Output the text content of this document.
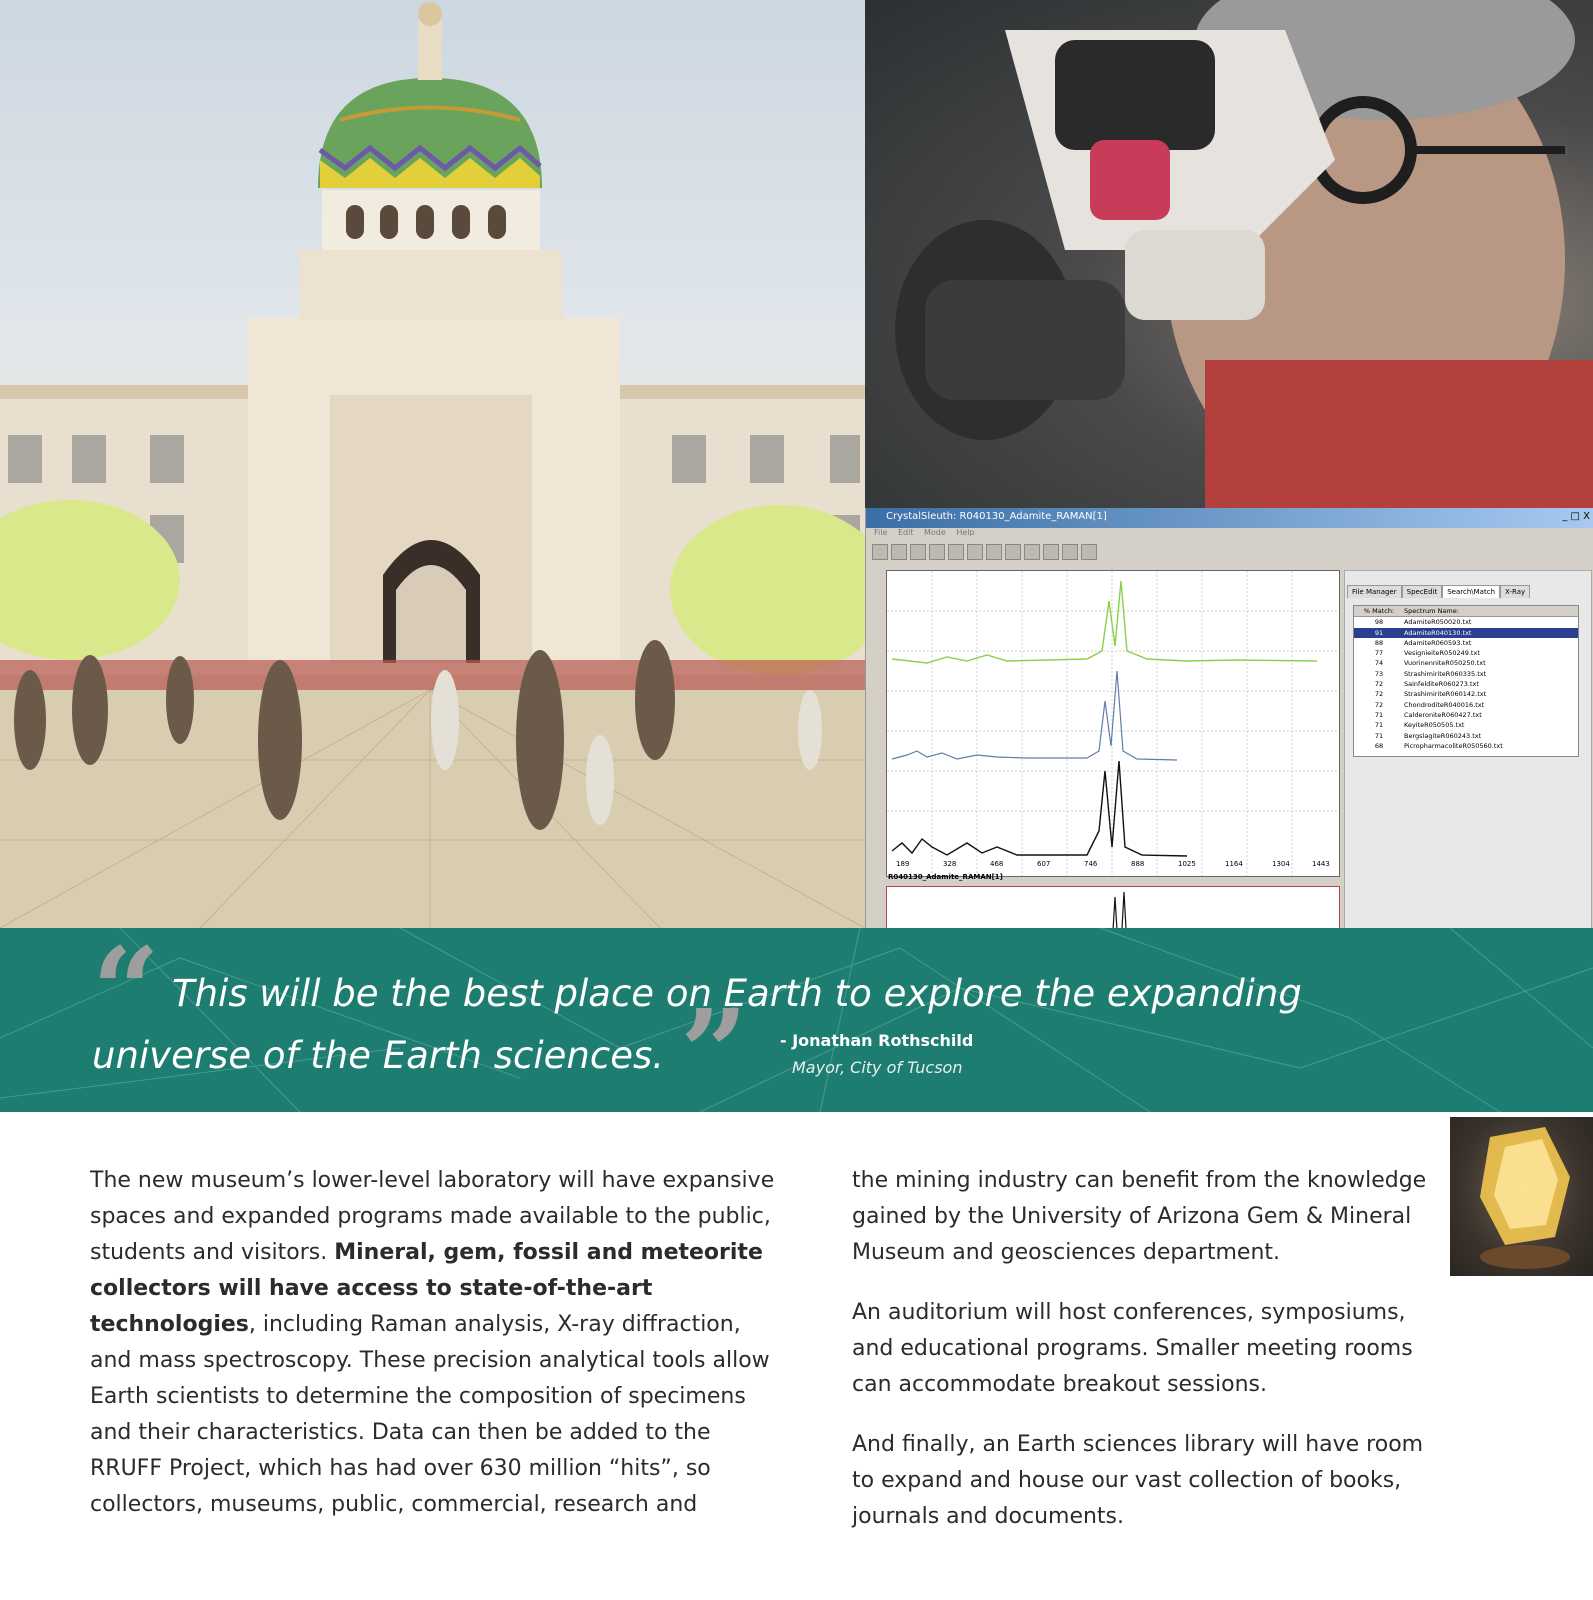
CrystalSleuth: R040130_Adamite_RAMAN[1]	_ □ X
File Edit Mode Help
189	328	468	607	746	888	1025	1164	1304	1443
R040130_Adamite_RAMAN[1]
File Manager	SpecEdit	Search\Match	X-Ray
% Match:	Spectrum Name:
98	AdamiteR050020.txt
91	AdamiteR040130.txt
88	AdamiteR060593.txt
77	VesignieiteR050249.txt
74	VuorinenniteR050250.txt
73	StrashimiriteR060335.txt
72	SainfelditeR060273.txt
72	StrashimiriteR060142.txt
72	ChondroditeR040016.txt
71	CalderoniteR060427.txt
71	KeyiteR050505.txt
71	BergslagiteR060243.txt
68	PicropharmacoliteR050560.txt
“ This will be the best place on Earth to explore the expanding
universe of the Earth sciences. ” - Jonathan Rothschild
Mayor, City of Tucson

The new museum’s lower-level laboratory will have expansive spaces and expanded programs made available to the public, students and visitors. Mineral, gem, fossil and meteorite collectors will have access to state-of-the-art technologies, including Raman analysis, X-ray diffraction, and mass spectroscopy. These precision analytical tools allow Earth scientists to determine the composition of specimens and their characteristics. Data can then be added to the RRUFF Project, which has had over 630 million “hits”, so collectors, museums, public, commercial, research and

the mining industry can benefit from the knowledge gained by the University of Arizona Gem & Mineral Museum and geosciences department.

An auditorium will host conferences, symposiums, and educational programs. Smaller meeting rooms can accommodate breakout sessions.

And finally, an Earth sciences library will have room to expand and house our vast collection of books, journals and documents.
